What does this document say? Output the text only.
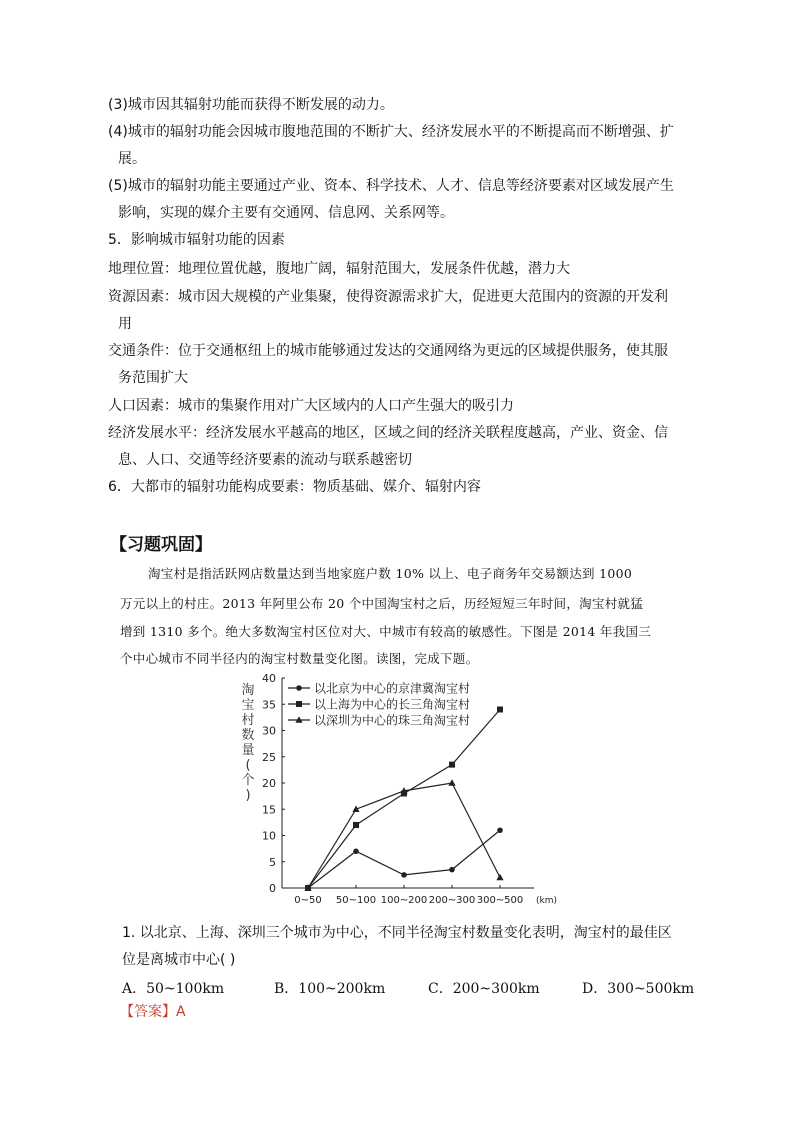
(3)城市因其辐射功能而获得不断发展的动力。
(4)城市的辐射功能会因城市腹地范围的不断扩大、经济发展水平的不断提高而不断增强、扩
展。
(5)城市的辐射功能主要通过产业、资本、科学技术、人才、信息等经济要素对区域发展产生
影响，实现的媒介主要有交通网、信息网、关系网等。
5．影响城市辐射功能的因素
地理位置：地理位置优越，腹地广阔，辐射范围大，发展条件优越，潜力大
资源因素：城市因大规模的产业集聚，使得资源需求扩大，促进更大范围内的资源的开发利
用
交通条件：位于交通枢纽上的城市能够通过发达的交通网络为更远的区域提供服务，使其服
务范围扩大
人口因素：城市的集聚作用对广大区域内的人口产生强大的吸引力
经济发展水平：经济发展水平越高的地区，区域之间的经济关联程度越高，产业、资金、信
息、人口、交通等经济要素的流动与联系越密切
6．大都市的辐射功能构成要素：物质基础、媒介、辐射内容
【习题巩固】
淘宝村是指活跃网店数量达到当地家庭户数 10% 以上、电子商务年交易额达到 1000
万元以上的村庄。2013 年阿里公布 20 个中国淘宝村之后，历经短短三年时间，淘宝村就猛
增到 1310 多个。绝大多数淘宝村区位对大、中城市有较高的敏感性。下图是 2014 年我国三
个中心城市不同半径内的淘宝村数量变化图。读图，完成下题。
0
5
10
15
20
25
30
35
40
0~50 50~100 100~200 200~300 300~500
以北京为中心的京津冀淘宝村
以上海为中心的长三角淘宝村
以深圳为中心的珠三角淘宝村
淘
宝
村
数
量
(
个
)
(km)
1. 以北京、上海、深圳三个城市为中心，不同半径淘宝村数量变化表明，淘宝村的最佳区
位是离城市中心( )
A．50~100km	B．100~200km	C．200~300km	D．300~500km
【答案】A
